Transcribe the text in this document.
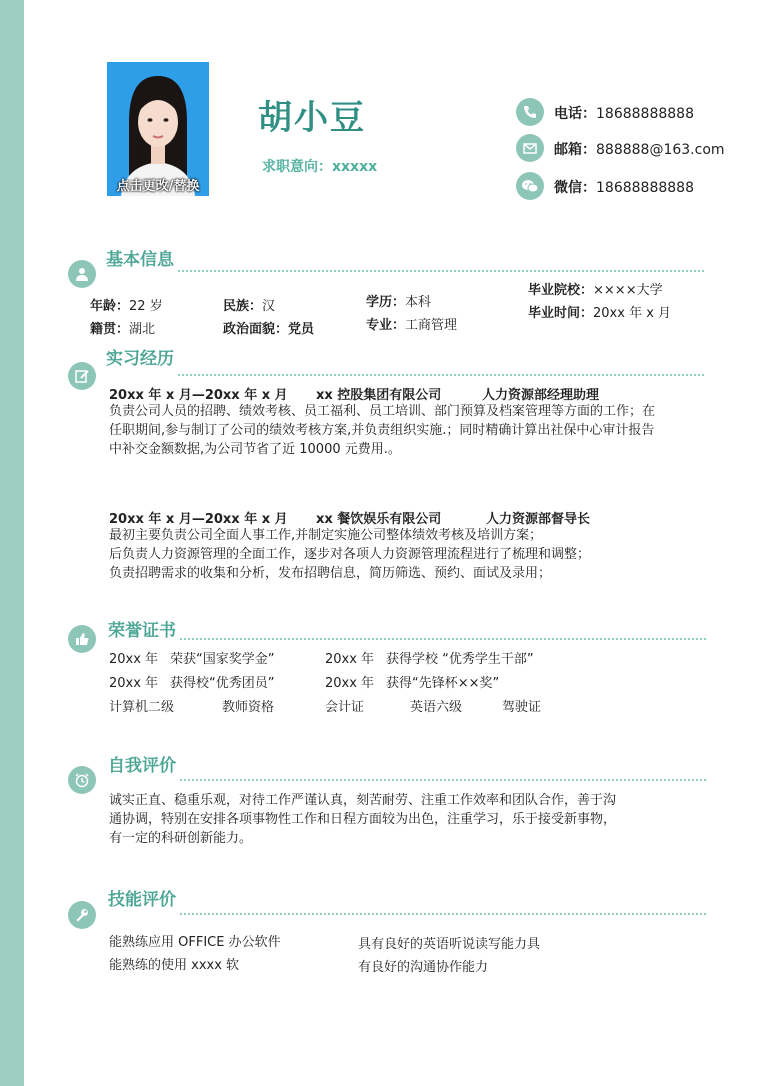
点击更改/替换
胡小豆
求职意向：xxxxx
电话：18688888888
邮箱：888888@163.com
微信：18688888888
基本信息
年龄：22 岁
籍贯：湖北
民族：汉
政治面貌：党员
学历：本科
专业：工商管理
毕业院校：××××大学
毕业时间：20xx 年 x 月
实习经历
20xx 年 x 月—20xx 年 x 月 xx 控股集团有限公司	人力资源部经理助理
负责公司人员的招聘、绩效考核、员工福利、员工培训、部门预算及档案管理等方面的工作；在
任职期间,参与制订了公司的绩效考核方案,并负责组织实施.；同时精确计算出社保中心审计报告
中补交金额数据,为公司节省了近 10000 元费用.。
20xx 年 x 月—20xx 年 x 月 xx 餐饮娱乐有限公司	人力资源部督导长
最初主要负责公司全面人事工作,并制定实施公司整体绩效考核及培训方案；
后负责人力资源管理的全面工作，逐步对各项人力资源管理流程进行了梳理和调整；
负责招聘需求的收集和分析，发布招聘信息，简历筛选、预约、面试及录用；
荣誉证书
20xx 年 荣获“国家奖学金”	20xx 年 获得学校 “优秀学生干部”
20xx 年 获得校“优秀团员”	20xx 年 获得“先锋杯××奖”
计算机二级	教师资格	会计证	英语六级	驾驶证
自我评价
诚实正直、稳重乐观，对待工作严谨认真，刻苦耐劳、注重工作效率和团队合作，善于沟
通协调，特别在安排各项事物性工作和日程方面较为出色，注重学习，乐于接受新事物，
有一定的科研创新能力。
技能评价
能熟练应用 OFFICE 办公软件
能熟练的使用 xxxx 软
具有良好的英语听说读写能力具
有良好的沟通协作能力
